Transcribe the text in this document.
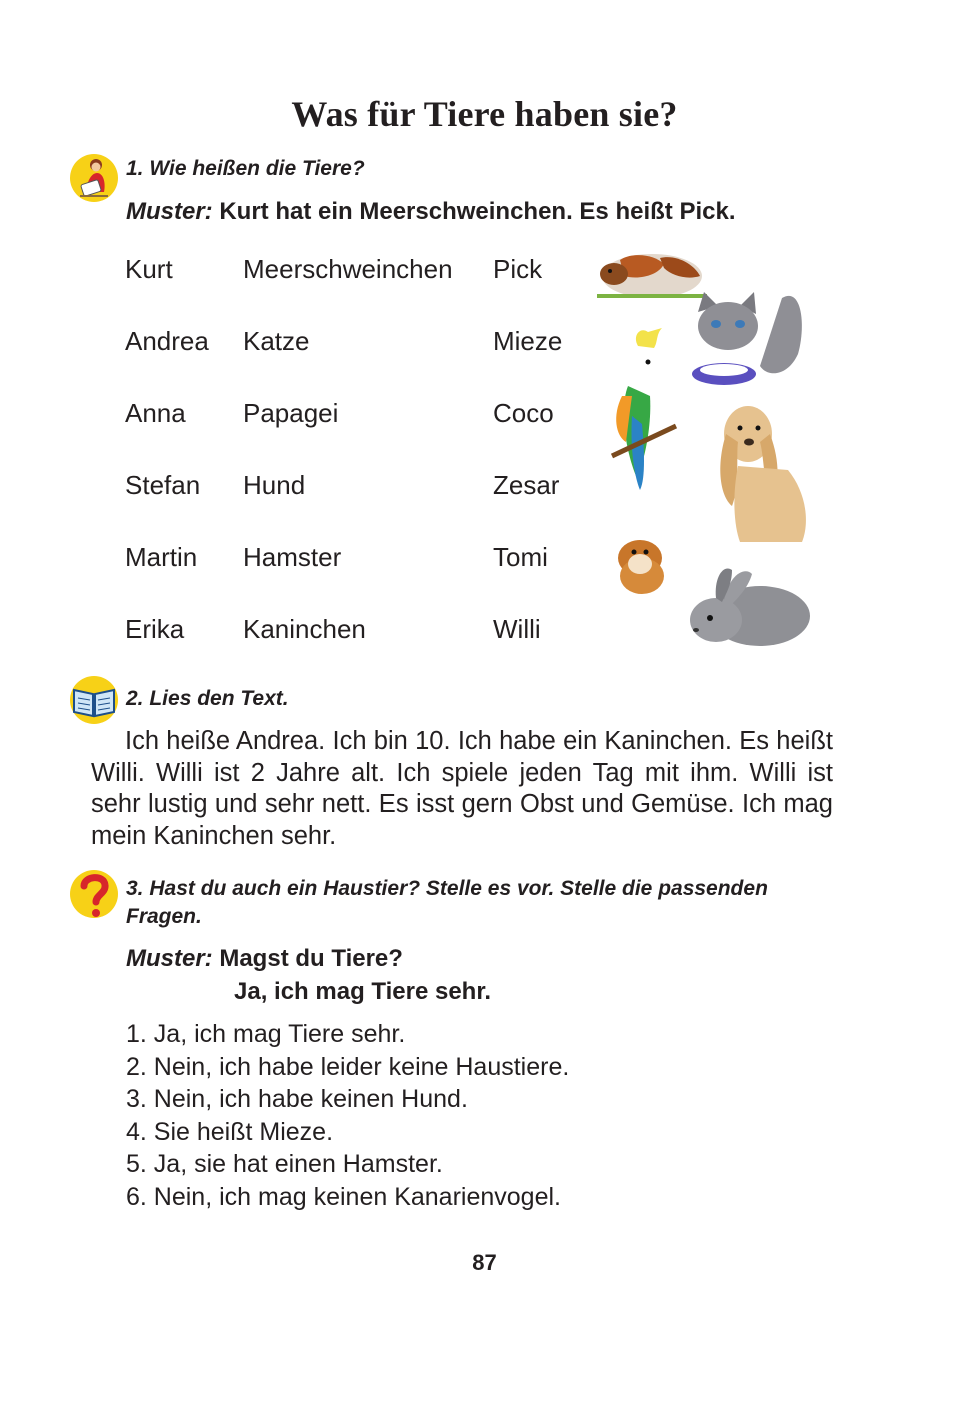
Was für Tiere haben sie?
1. Wie heißen die Tiere?
Muster: Kurt hat ein Meerschweinchen. Es heißt Pick.
Kurt	Meerschweinchen Pick
Andrea Katze	Mieze
Anna Papagei	Coco
Stefan Hund	Zesar
Martin Hamster	Tomi
Erika Kaninchen	Willi
2. Lies den Text.
Ich heiße Andrea. Ich bin 10. Ich habe ein Kaninchen. Es heißt Willi. Willi ist 2 Jahre alt. Ich spiele jeden Tag mit ihm. Willi ist sehr lustig und sehr nett. Es isst gern Obst und Gemüse. Ich mag mein Kaninchen sehr.
3. Hast du auch ein Haustier? Stelle es vor. Stelle die passenden
Fragen.
Muster: Magst du Tiere?
Ja, ich mag Tiere sehr.
1. Ja, ich mag Tiere sehr.
2. Nein, ich habe leider keine Haustiere.
3. Nein, ich habe keinen Hund.
4. Sie heißt Mieze.
5. Ja, sie hat einen Hamster.
6. Nein, ich mag keinen Kanarienvogel.
87
